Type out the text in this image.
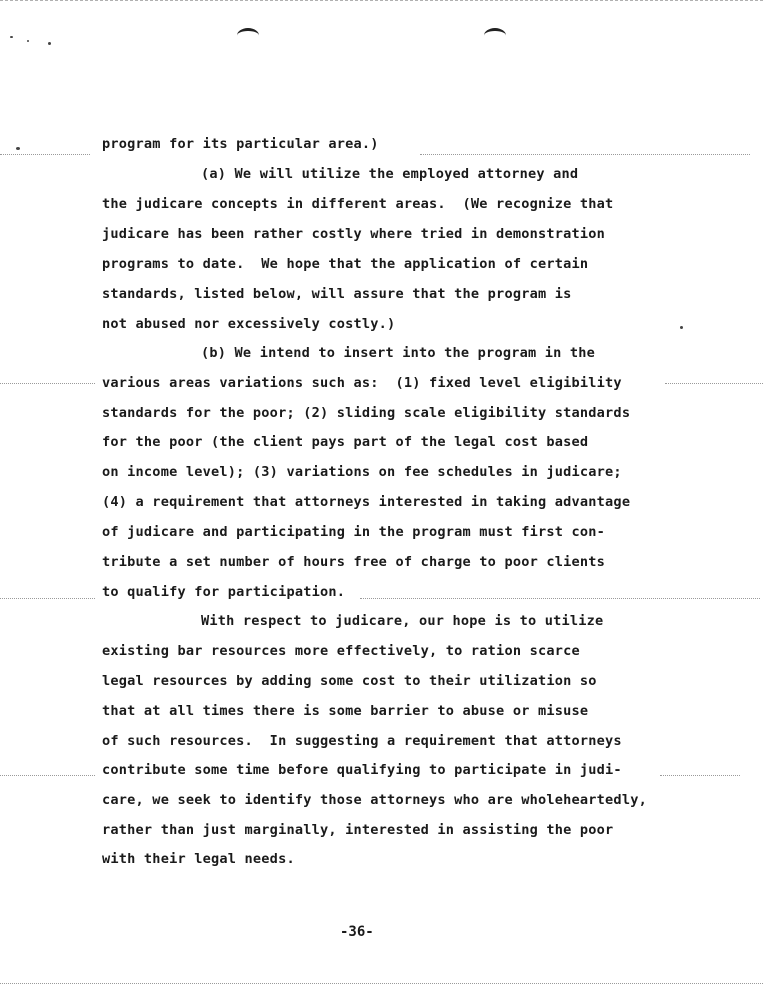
program for its particular area.)
(a) We will utilize the employed attorney and
the judicare concepts in different areas.  (We recognize that
judicare has been rather costly where tried in demonstration
programs to date.  We hope that the application of certain
standards, listed below, will assure that the program is
not abused nor excessively costly.)
(b) We intend to insert into the program in the
various areas variations such as:  (1) fixed level eligibility
standards for the poor; (2) sliding scale eligibility standards
for the poor (the client pays part of the legal cost based
on income level); (3) variations on fee schedules in judicare;
(4) a requirement that attorneys interested in taking advantage
of judicare and participating in the program must first con-
tribute a set number of hours free of charge to poor clients
to qualify for participation.
With respect to judicare, our hope is to utilize
existing bar resources more effectively, to ration scarce
legal resources by adding some cost to their utilization so
that at all times there is some barrier to abuse or misuse
of such resources.  In suggesting a requirement that attorneys
contribute some time before qualifying to participate in judi-
care, we seek to identify those attorneys who are wholeheartedly,
rather than just marginally, interested in assisting the poor
with their legal needs.
-36-
